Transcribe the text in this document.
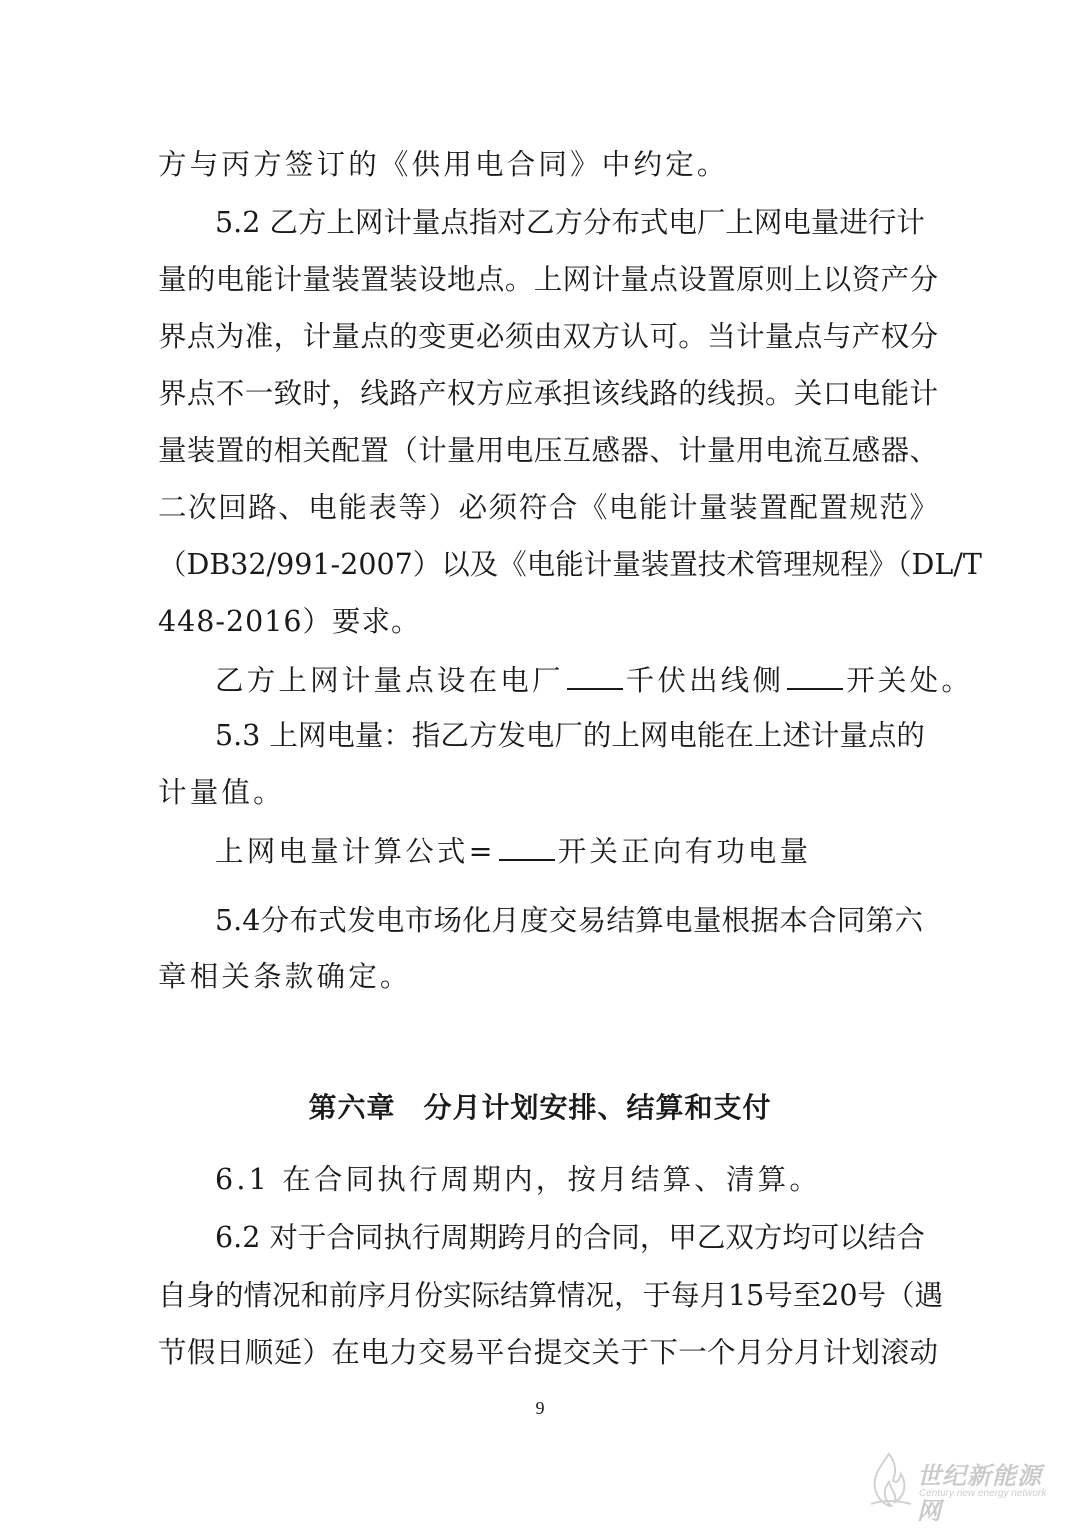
方与丙方签订的《供用电合同》中约定。
5.2 乙方上网计量点指对乙方分布式电厂上网电量进行计
量的电能计量装置装设地点。上网计量点设置原则上以资产分
界点为准，计量点的变更必须由双方认可。当计量点与产权分
界点不一致时，线路产权方应承担该线路的线损。关口电能计
量装置的相关配置（计量用电压互感器、计量用电流互感器、
二次回路、电能表等）必须符合《电能计量装置配置规范》
（DB32/991-2007）以及《电能计量装置技术管理规程》（DL/T
448-2016）要求。
乙方上网计量点设在电厂 千伏出线侧 开关处。
5.3 上网电量：指乙方发电厂的上网电能在上述计量点的
计量值。
上网电量计算公式= 开关正向有功电量
5.4分布式发电市场化月度交易结算电量根据本合同第六
章相关条款确定。
第六章 分月计划安排、结算和支付
6.1 在合同执行周期内，按月结算、清算。
6.2 对于合同执行周期跨月的合同，甲乙双方均可以结合
自身的情况和前序月份实际结算情况，于每月15号至20号（遇
节假日顺延）在电力交易平台提交关于下一个月分月计划滚动
9
世纪新能源网
Century new energy network
